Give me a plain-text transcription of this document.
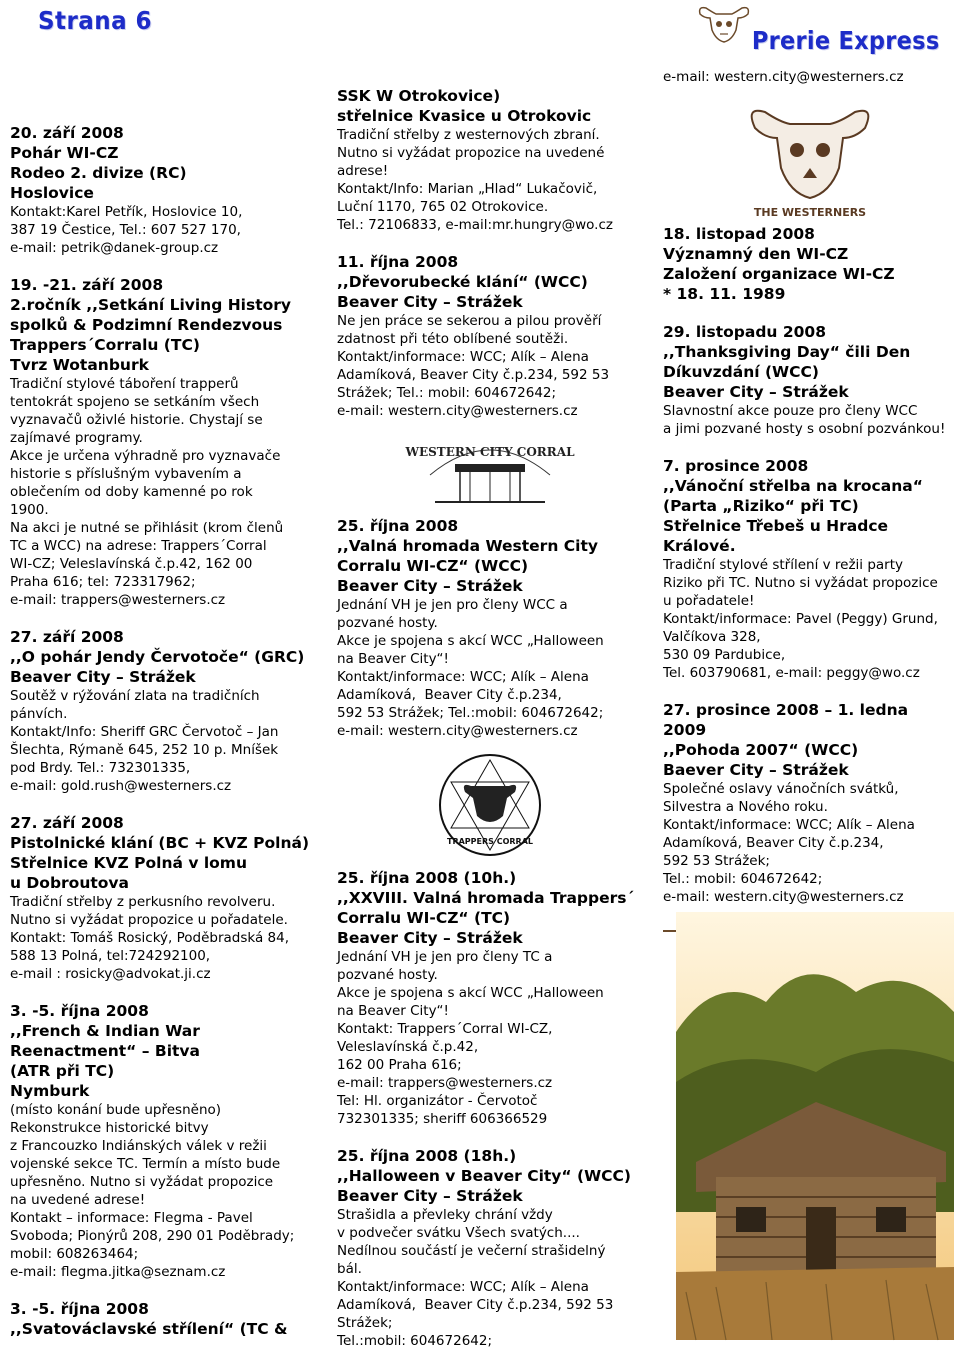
Strana 6
Prerie Express
20. září 2008
Pohár WI-CZ
Rodeo 2. divize (RC)
Hoslovice
Kontakt:Karel Petřík, Hoslovice 10,
387 19 Čestice, Tel.: 607 527 170,
e-mail: petrik@danek-group.cz
19. -21. září 2008
2.ročník ,,Setkání Living History
spolků & Podzimní Rendezvous
Trappers´Corralu (TC)
Tvrz Wotanburk
Tradiční stylové táboření trapperů
tentokrát spojeno se setkáním všech
vyznavačů oživlé historie. Chystají se
zajímavé programy.
Akce je určena výhradně pro vyznavače
historie s příslušným vybavením a
oblečením od doby kamenné po rok
1900.
Na akci je nutné se přihlásit (krom členů
TC a WCC) na adrese: Trappers´Corral
WI-CZ; Veleslavínská č.p.42, 162 00
Praha 616; tel: 723317962;
e-mail: trappers@westerners.cz
27. září 2008
,,O pohár Jendy Červotoče“ (GRC)
Beaver City – Strážek
Soutěž v rýžování zlata na tradičních
pánvích.
Kontakt/Info: Sheriff GRC Červotoč – Jan
Šlechta, Rýmaně 645, 252 10 p. Mníšek
pod Brdy. Tel.: 732301335,
e-mail: gold.rush@westerners.cz
27. září 2008
Pistolnické klání (BC + KVZ Polná)
Střelnice KVZ Polná v lomu
u Dobroutova
Tradiční střelby z perkusního revolveru.
Nutno si vyžádat propozice u pořadatele.
Kontakt: Tomáš Rosický, Poděbradská 84,
588 13 Polná, tel:724292100,
e-mail : rosicky@advokat.ji.cz
3. -5. října 2008
,,French & Indian War
Reenactment“ – Bitva
(ATR při TC)
Nymburk
(místo konání bude upřesněno)
Rekonstrukce historické bitvy
z Francouzko Indiánských válek v režii
vojenské sekce TC. Termín a místo bude
upřesněno. Nutno si vyžádat propozice
na uvedené adrese!
Kontakt – informace: Flegma - Pavel
Svoboda; Pionýrů 208, 290 01 Poděbrady;
mobil: 608263464;
e-mail: flegma.jitka@seznam.cz
3. -5. října 2008
,,Svatováclavské střílení“ (TC &
SSK W Otrokovice)
střelnice Kvasice u Otrokovic
Tradiční střelby z westernových zbraní.
Nutno si vyžádat propozice na uvedené
adrese!
Kontakt/Info: Marian „Hlad“ Lukačovič,
Luční 1170, 765 02 Otrokovice.
Tel.: 72106833, e-mail:mr.hungry@wo.cz
11. října 2008
,,Dřevorubecké klání“ (WCC)
Beaver City – Strážek
Ne jen práce se sekerou a pilou prověří
zdatnost při této oblíbené soutěži.
Kontakt/informace: WCC; Alík – Alena
Adamíková, Beaver City č.p.234, 592 53
Strážek; Tel.: mobil: 604672642;
e-mail: western.city@westerners.cz
WESTERN CITY CORRAL
25. října 2008
,,Valná hromada Western City
Corralu WI-CZ“ (WCC)
Beaver City – Strážek
Jednání VH je jen pro členy WCC a
pozvané hosty.
Akce je spojena s akcí WCC „Halloween
na Beaver City“!
Kontakt/informace: WCC; Alík – Alena
Adamíková,  Beaver City č.p.234,
592 53 Strážek; Tel.:mobil: 604672642;
e-mail: western.city@westerners.cz
TRAPPERS CORRAL
25. října 2008 (10h.)
,,XXVIII. Valná hromada Trappers´
Corralu WI-CZ“ (TC)
Beaver City – Strážek
Jednání VH je jen pro členy TC a
pozvané hosty.
Akce je spojena s akcí WCC „Halloween
na Beaver City“!
Kontakt: Trappers´Corral WI-CZ,
Veleslavínská č.p.42,
162 00 Praha 616;
e-mail: trappers@westerners.cz
Tel: Hl. organizátor - Červotoč
732301335; sheriff 606366529
25. října 2008 (18h.)
,,Halloween v Beaver City“ (WCC)
Beaver City – Strážek
Strašidla a převleky chrání vždy
v podvečer svátku Všech svatých....
Nedílnou součástí je večerní strašidelný
bál.
Kontakt/informace: WCC; Alík – Alena
Adamíková,  Beaver City č.p.234, 592 53
Strážek;
Tel.:mobil: 604672642;
e-mail: western.city@westerners.cz
THE WESTERNERS
18. listopad 2008
Významný den WI-CZ
Založení organizace WI-CZ
* 18. 11. 1989
29. listopadu 2008
,,Thanksgiving Day“ čili Den
Díkuvzdání (WCC)
Beaver City – Strážek
Slavnostní akce pouze pro členy WCC
a jimi pozvané hosty s osobní pozvánkou!
7. prosince 2008
,,Vánoční střelba na krocana“
(Parta „Riziko“ při TC)
Střelnice Třebeš u Hradce Králové.
Tradiční stylové střílení v režii party
Riziko při TC. Nutno si vyžádat propozice
u pořadatele!
Kontakt/informace: Pavel (Peggy) Grund,
Valčíkova 328,
530 09 Pardubice,
Tel. 603790681, e-mail: peggy@wo.cz
27. prosince 2008 – 1. ledna 2009
,,Pohoda 2007“ (WCC)
Baever City – Strážek
Společné oslavy vánočních svátků,
Silvestra a Nového roku.
Kontakt/informace: WCC; Alík – Alena
Adamíková, Beaver City č.p.234,
592 53 Strážek;
Tel.: mobil: 604672642;
e-mail: western.city@westerners.cz
